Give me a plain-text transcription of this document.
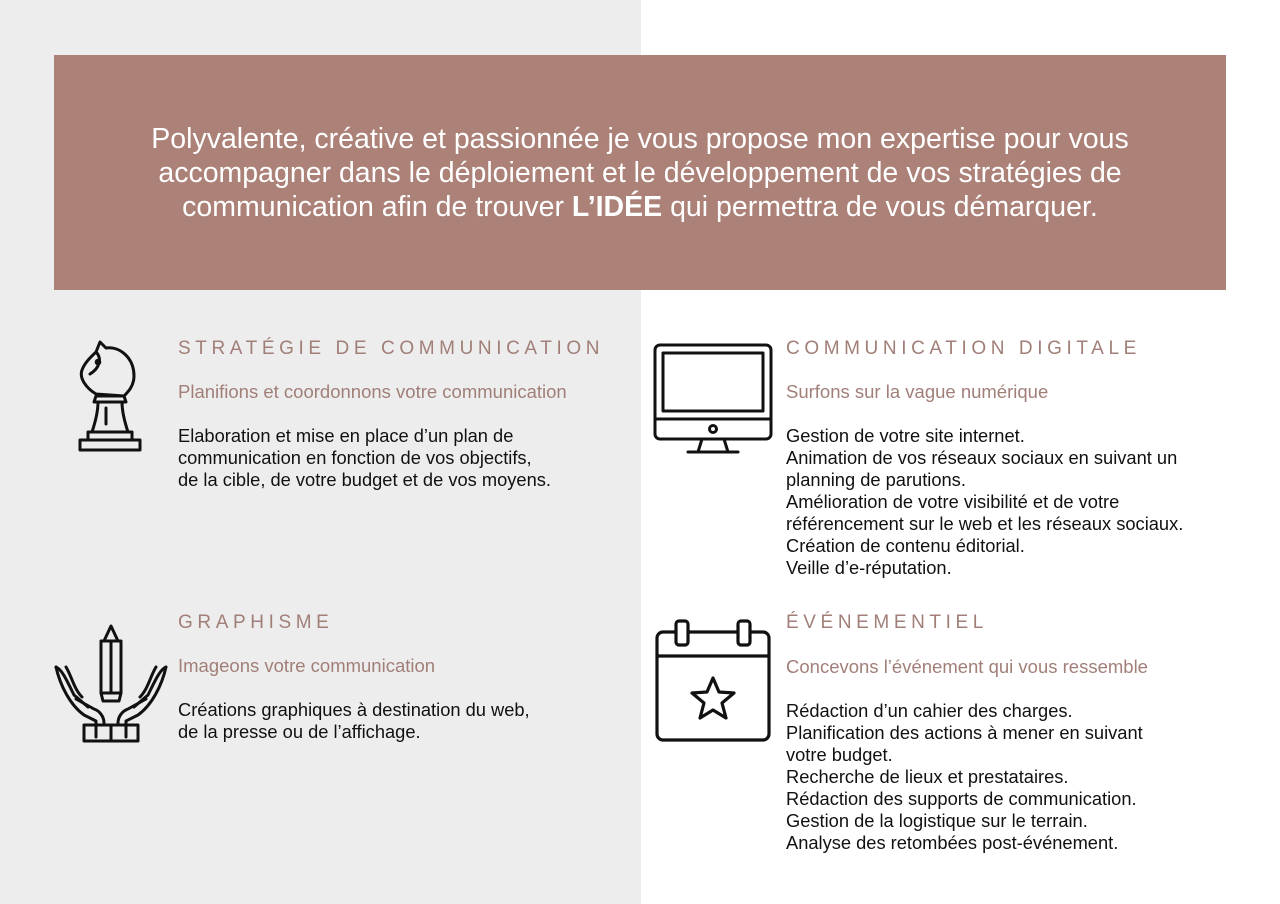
Polyvalente, créative et passionnée je vous propose mon expertise pour vous accompagner dans le déploiement et le développement de vos stratégies de communication afin de trouver L’IDÉE qui permettra de vous démarquer.

STRATÉGIE DE COMMUNICATION

Planifions et coordonnons votre communication

Elaboration et mise en place d’un plan de
communication en fonction de vos objectifs,
de la cible, de votre budget et de vos moyens.

COMMUNICATION DIGITALE

Surfons sur la vague numérique

Gestion de votre site internet.
Animation de vos réseaux sociaux en suivant un
planning de parutions.
Amélioration de votre visibilité et de votre
référencement sur le web et les réseaux sociaux.
Création de contenu éditorial.
Veille d’e-réputation.

GRAPHISME

Imageons votre communication

Créations graphiques à destination du web,
de la presse ou de l’affichage.

ÉVÉNEMENTIEL

Concevons l’événement qui vous ressemble

Rédaction d’un cahier des charges.
Planification des actions à mener en suivant
votre budget.
Recherche de lieux et prestataires.
Rédaction des supports de communication.
Gestion de la logistique sur le terrain.
Analyse des retombées post-événement.
